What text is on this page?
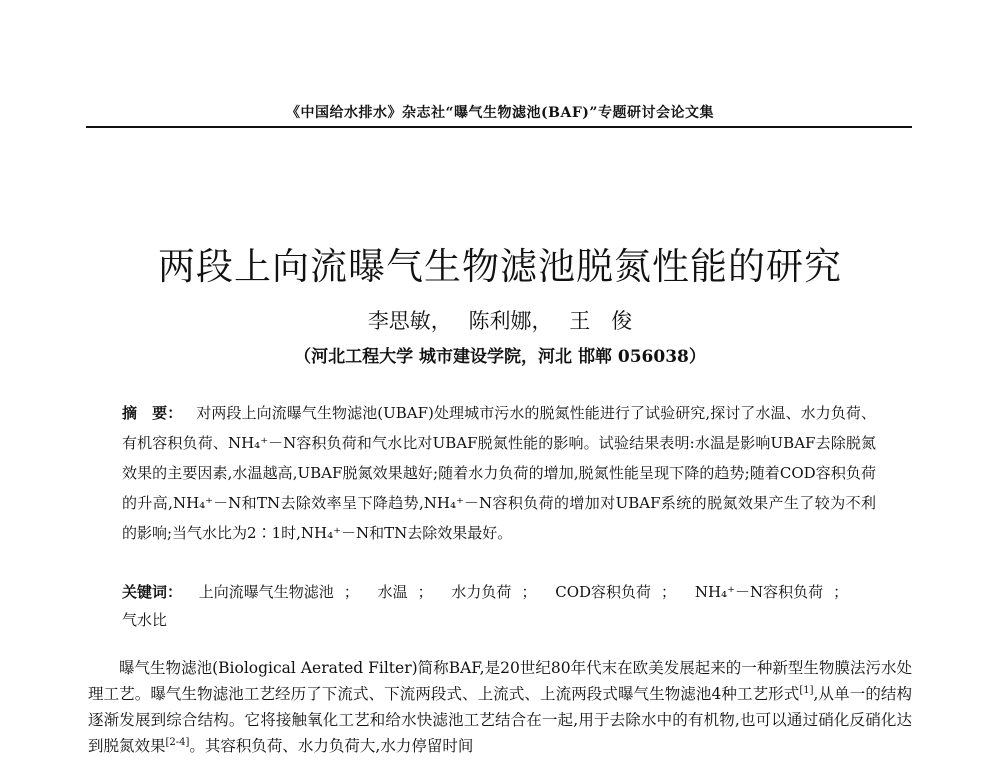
《中国给水排水》杂志社“曝气生物滤池(BAF)”专题研讨会论文集
两段上向流曝气生物滤池脱氮性能的研究
李思敏， 陈利娜， 王　俊
（河北工程大学 城市建设学院，河北 邯郸 056038）
摘　要： 对两段上向流曝气生物滤池(UBAF)处理城市污水的脱氮性能进行了试验研究,探讨了水温、水力负荷、有机容积负荷、NH₄⁺－N容积负荷和气水比对UBAF脱氮性能的影响。试验结果表明:水温是影响UBAF去除脱氮效果的主要因素,水温越高,UBAF脱氮效果越好;随着水力负荷的增加,脱氮性能呈现下降的趋势;随着COD容积负荷的升高,NH₄⁺－N和TN去除效率呈下降趋势,NH₄⁺－N容积负荷的增加对UBAF系统的脱氮效果产生了较为不利的影响;当气水比为2∶1时,NH₄⁺－N和TN去除效果最好。
关键词： 上向流曝气生物滤池 ； 水温 ； 水力负荷 ； COD容积负荷 ； NH₄⁺－N容积负荷 ；
气水比
曝气生物滤池(Biological Aerated Filter)简称BAF,是20世纪80年代末在欧美发展起来的一种新型生物膜法污水处理工艺。曝气生物滤池工艺经历了下流式、下流两段式、上流式、上流两段式曝气生物滤池4种工艺形式[1],从单一的结构逐渐发展到综合结构。它将接触氧化工艺和给水快滤池工艺结合在一起,用于去除水中的有机物,也可以通过硝化反硝化达到脱氮效果[2-4]。其容积负荷、水力负荷大,水力停留时间
